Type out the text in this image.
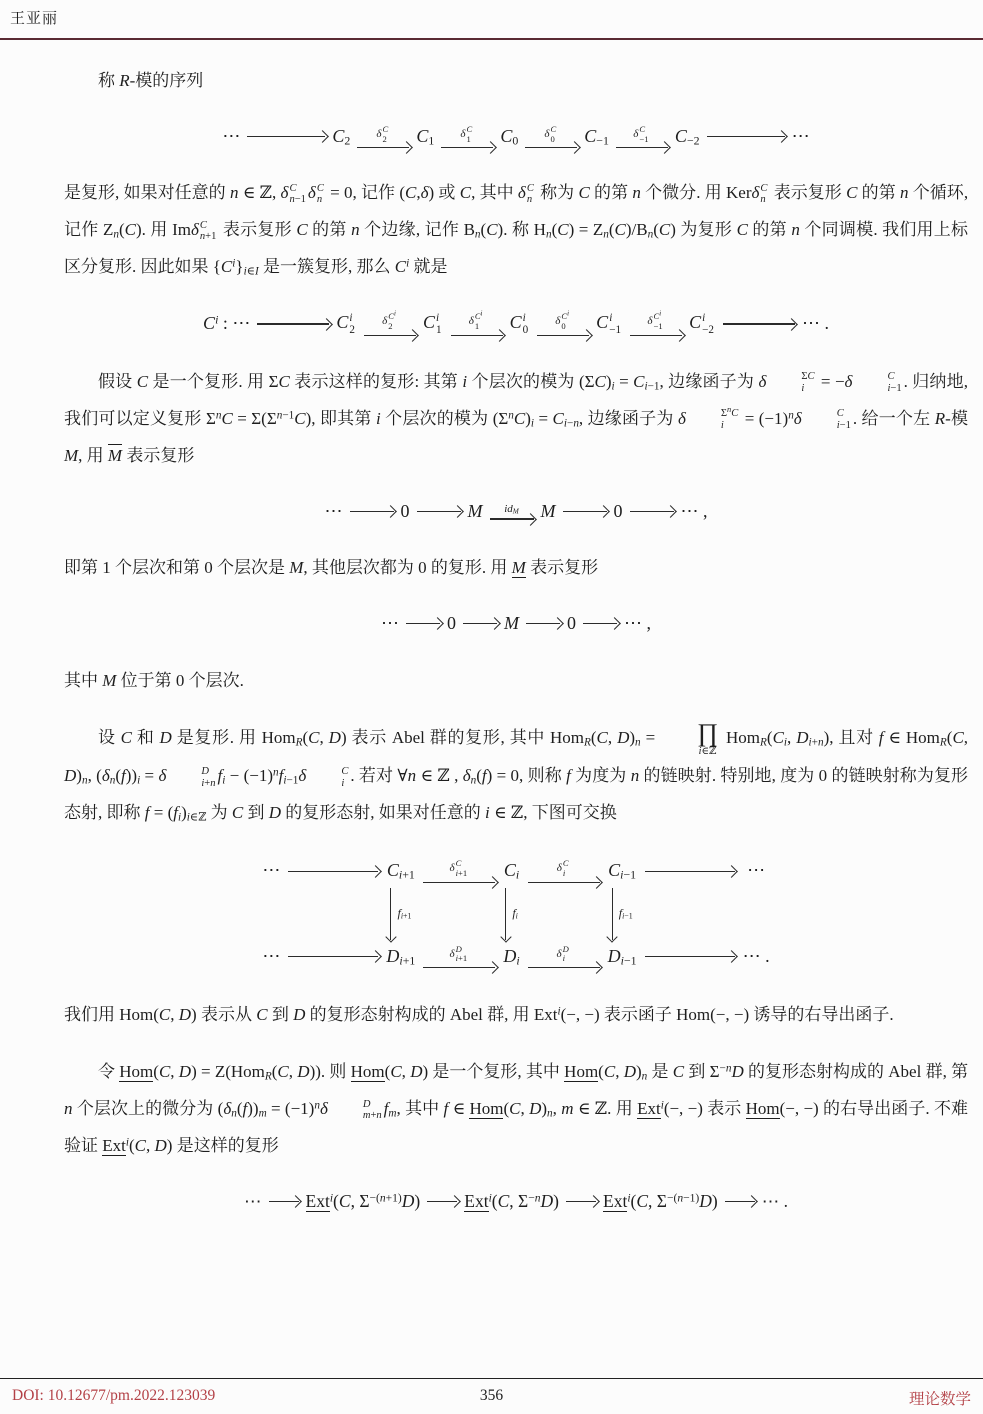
王亚丽

称 R-模的序列

⋯	$C_2$ δ C
2 $C_1$ δ C
1 $C_0$ δ C
0 $C_{-1}$ δ C
−1 $C_{-2}$	⋯

是复形, 如果对任意的 n ∈ ℤ, δ C
n−1 δ C
n = 0, 记作 (C,δ) 或 C, 其中 δ C
n 称为 C 的第 n 个微分. 用 Kerδ C
n 表示复形 C 的第 n 个循环, 记作 $Z_n(C)$. 用 Imδ C
n+1 表示复形 C 的第 n 个边缘, 记作 $B_n(C)$. 称 $H_n(C) = Z_n(C)/B_n(C)$ 为复形 C 的第 n 个同调模. 我们用上标区分复形. 因此如果 $\{C^i\}_{i\in I}$ 是一簇复形, 那么 $C^i$ 就是

$C^i$ : ⋯	C i
2
δ $C^i$
2 C i
1
δ $C^i$
1 C i
0
δ $C^i$
0 C i
−1
δ $C^i$
−1 C i
−2	⋯ .

假设 C 是一个复形. 用 ΣC 表示这样的复形: 其第 i 个层次的模为 $(\Sigma C)_i = C_{i-1}$, 边缘函子为 δ	ΣC
i = −δ	C
i−1 . 归纳地, 我们可以定义复形 $\Sigma^nC = \Sigma(\Sigma^{n-1}C)$, 即其第 i 个层次的模为 $(\Sigma^nC)_i = C_{i-n}$, 边缘函子为 δ	$\Sigma^nC$
$i = (-1)^n\delta$	C
i−1 . 给一个左 R-模 M, 用 M 表示复形

⋯	0	M $id_M$ M	0	⋯ ,

即第 1 个层次和第 0 个层次是 M, 其他层次都为 0 的复形. 用 M 表示复形

⋯	0	M	0	⋯ ,

其中 M 位于第 0 个层次.

设 C 和 D 是复形. 用 Hom$_R$(C, D) 表示 Abel 群的复形, 其中 Hom$_R$(C, $D)_n$ =	∏
i∈ℤ
$Hom_R(C_i$, $D_{i+n}$), 且对 f ∈ Hom$_R$(C, $D)_n$, $(\delta_n(f))_i = \delta$	D
i+n $f_i - (-1)^nf_{i-1}\delta$	C
i . 若对 ∀n ∈ ℤ , $\delta_n(f) = 0$, 则称 f 为度为 n 的链映射. 特别地, 度为 0 的链映射称为复形态射, 即称 $f = (f_i)_{i\in ℤ}$ 为 C 到 D 的复形态射, 如果对任意的 i ∈ ℤ, 下图可交换

⋯	$C_{i+1}$	δ C
i+1 $C_i$	δ C
i $C_{i-1}$	⋯
$f_{i+1}$	$f_i$	$f_{i-1}$
⋯	$D_{i+1}$	δ D
i+1 $D_i$	δ D
i $D_{i-1}$	⋯ .

我们用 Hom(C, D) 表示从 C 到 D 的复形态射构成的 Abel 群, 用 Ext$^i$(−, −) 表示函子 Hom(−, −) 诱导的右导出函子.

令 Hom(C, D) = Z(Hom$_R$(C, D)). 则 Hom(C, D) 是一个复形, 其中 Hom(C, $D)_n$ 是 C 到 $\Sigma^{-n}D$ 的复形态射构成的 Abel 群, 第 n 个层次上的微分为 $(\delta_n(f))_m = (-1)^n\delta$	D
m+n $f_m$, 其中 f ∈ Hom(C, $D)_n$, m ∈ ℤ. 用 Ext$^i$(−, −) 表示 Hom(−, −) 的右导出函子. 不难验证 Ext$^i$(C, D) 是这样的复形

⋯	Ext$^i$(C, $\Sigma^{-(n+1)}D$)	Ext$^i$(C, $\Sigma^{-n}D$)	Ext$^i$(C, $\Sigma^{-(n-1)}D$)	⋯ .
DOI: 10.12677/pm.2022.123039	356	理论数学
